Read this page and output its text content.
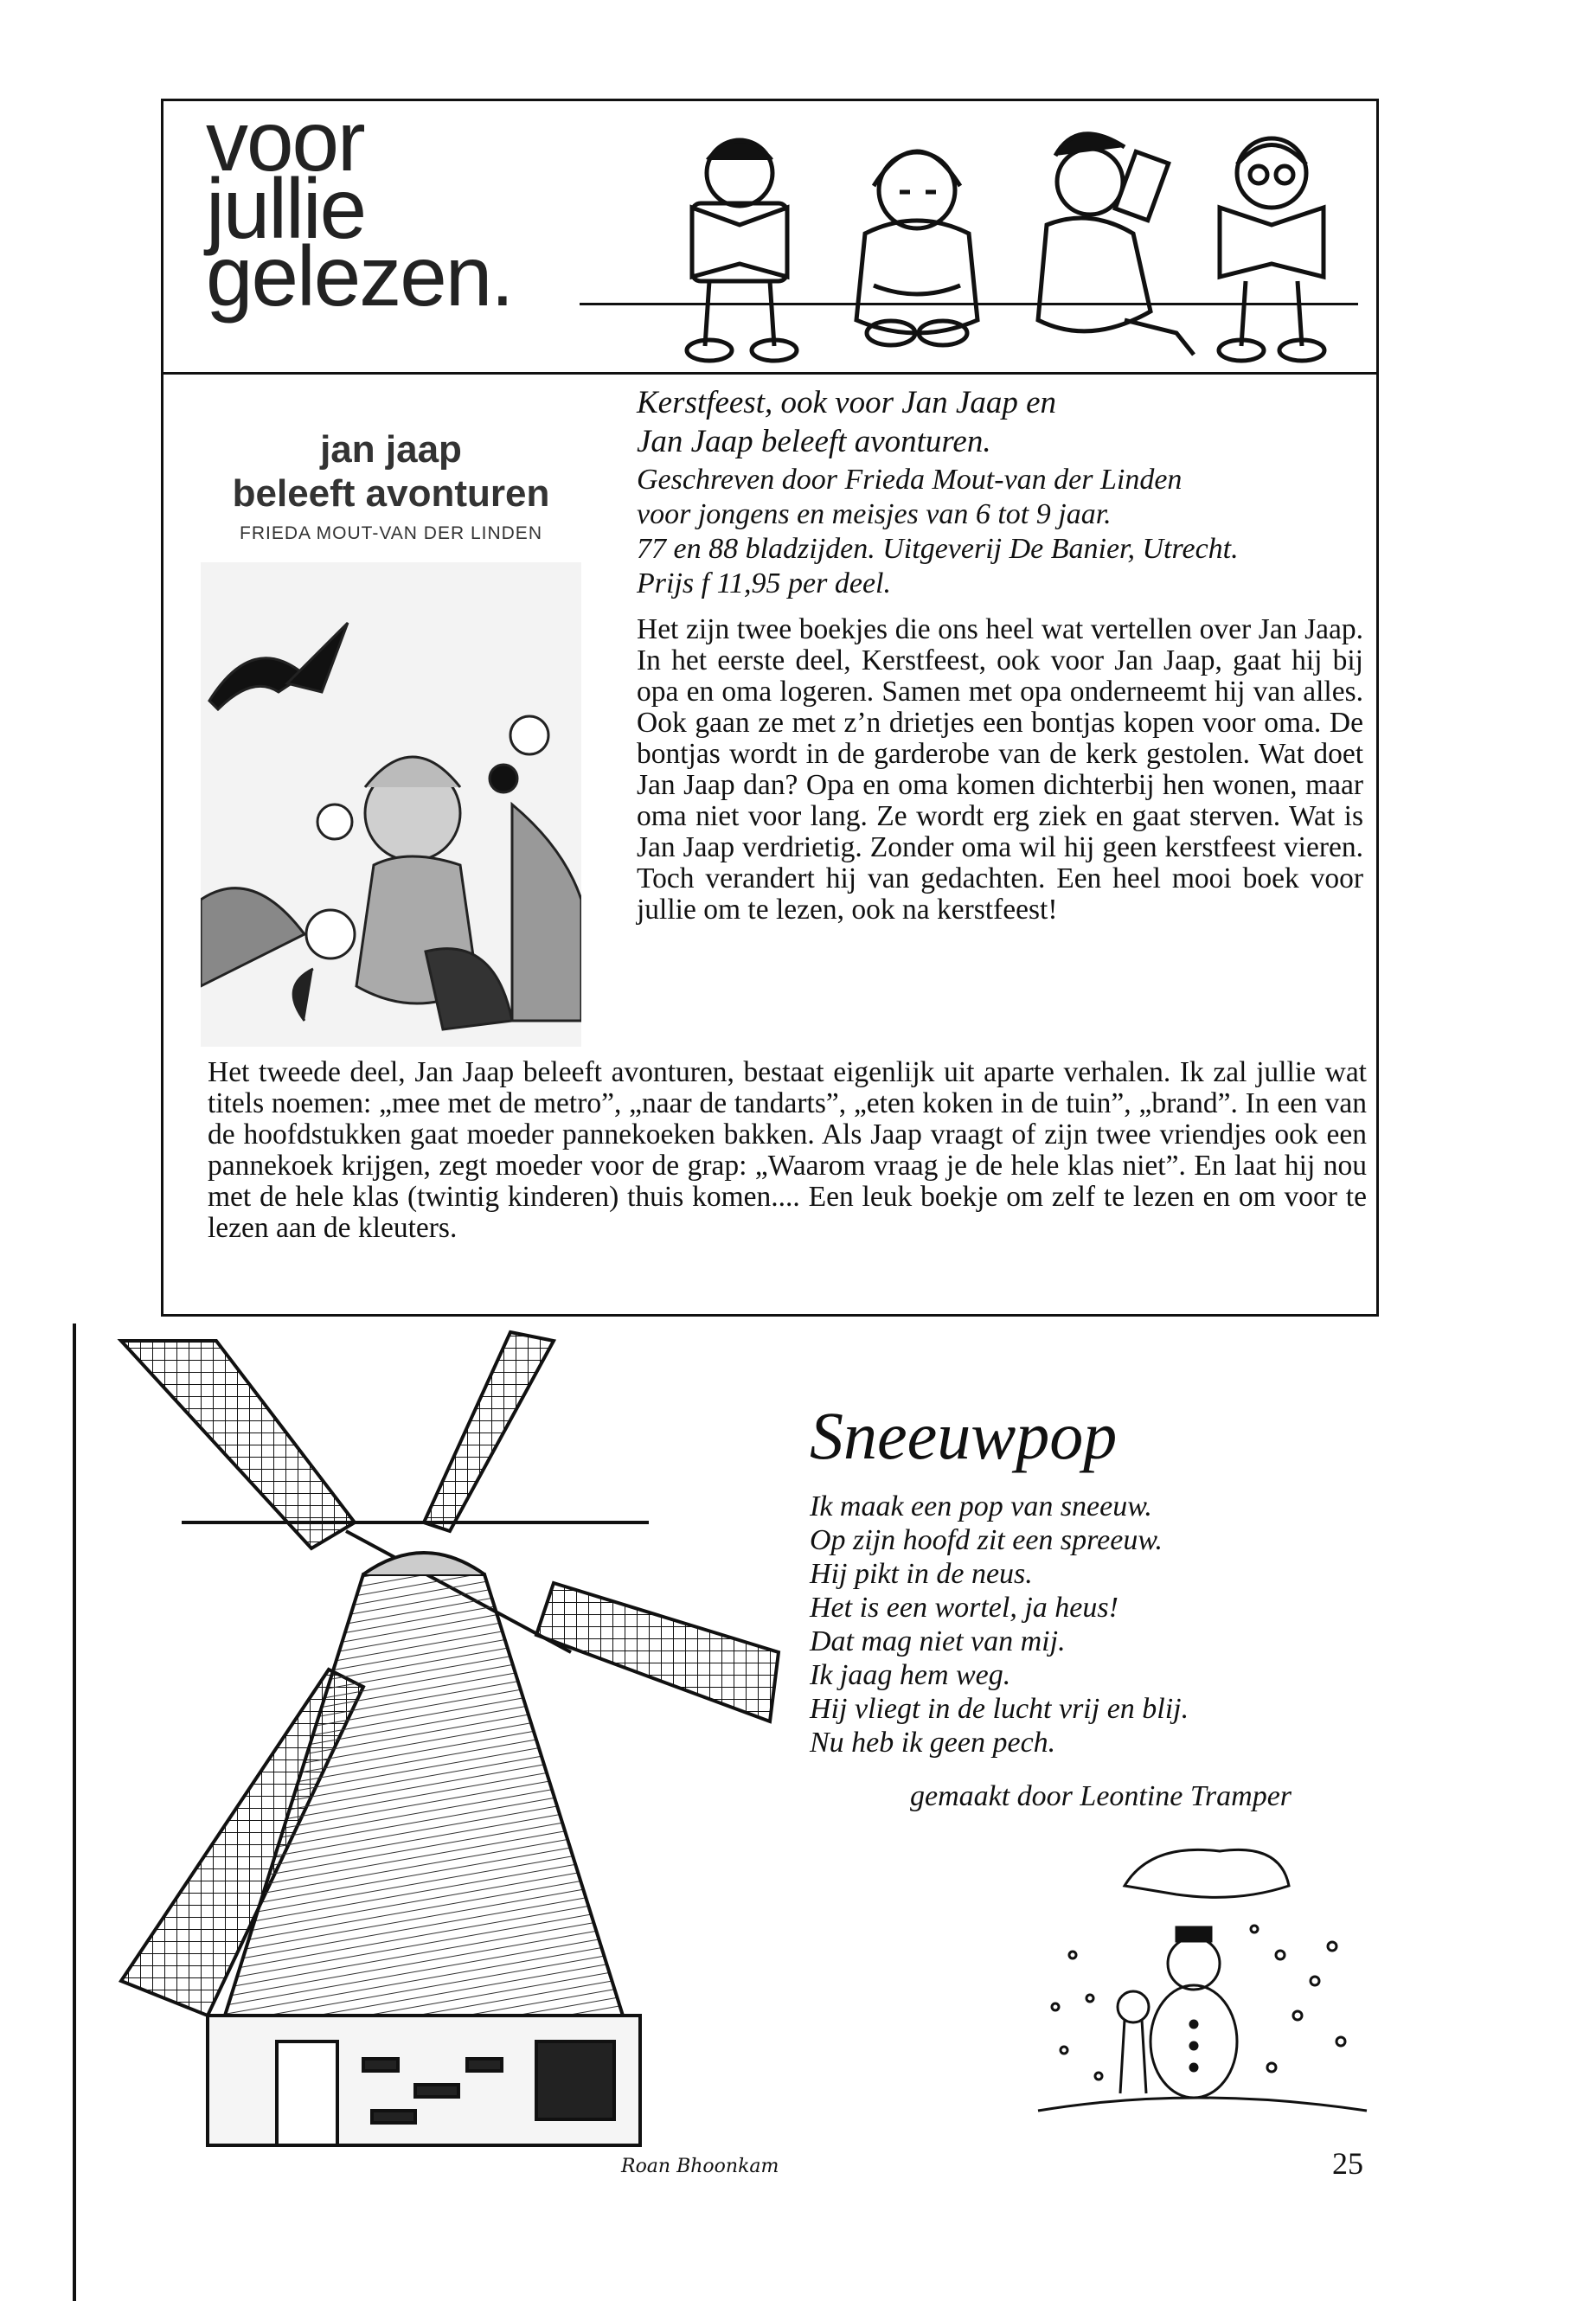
voor
jullie
gelezen.
jan jaap
beleeft avonturen
FRIEDA MOUT-VAN DER LINDEN
Kerstfeest, ook voor Jan Jaap en
Jan Jaap beleeft avonturen.
Geschreven door Frieda Mout-van der Linden
voor jongens en meisjes van 6 tot 9 jaar.
77 en 88 bladzijden. Uitgeverij De Banier, Utrecht.
Prijs f 11,95 per deel.
Het zijn twee boekjes die ons heel wat vertellen over Jan Jaap. In het eerste deel, Kerstfeest, ook voor Jan Jaap, gaat hij bij opa en oma logeren. Samen met opa onderneemt hij van alles. Ook gaan ze met z’n drietjes een bontjas kopen voor oma. De bontjas wordt in de garderobe van de kerk gestolen. Wat doet Jan Jaap dan? Opa en oma komen dichterbij hen wonen, maar oma niet voor lang. Ze wordt erg ziek en gaat sterven. Wat is Jan Jaap verdrietig. Zonder oma wil hij geen kerstfeest vieren. Toch verandert hij van gedachten. Een heel mooi boek voor jullie om te lezen, ook na kerstfeest!
Het tweede deel, Jan Jaap beleeft avonturen, bestaat eigenlijk uit aparte verhalen. Ik zal jullie wat titels noemen: „mee met de metro”, „naar de tandarts”, „eten koken in de tuin”, „brand”. In een van de hoofdstukken gaat moeder pannekoeken bakken. Als Jaap vraagt of zijn twee vriendjes ook een pannekoek krijgen, zegt moeder voor de grap: „Waarom vraag je de hele klas niet”. En laat hij nou met de hele klas (twintig kinderen) thuis komen.... Een leuk boekje om zelf te lezen en om voor te lezen aan de kleuters.
Sneeuwpop
Ik maak een pop van sneeuw.
Op zijn hoofd zit een spreeuw.
Hij pikt in de neus.
Het is een wortel, ja heus!
Dat mag niet van mij.
Ik jaag hem weg.
Hij vliegt in de lucht vrij en blij.
Nu heb ik geen pech.
gemaakt door Leontine Tramper
Roan Bhoonkam	25
